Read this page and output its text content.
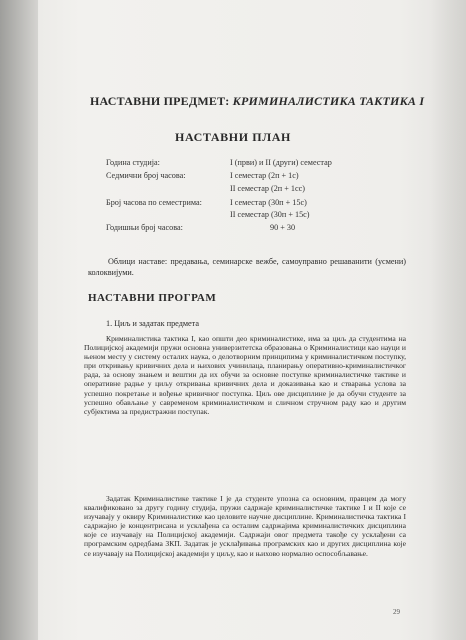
НАСТАВНИ ПРЕДМЕТ: КРИМИНАЛИСТИКА ТАКТИКА I
НАСТАВНИ ПЛАН
Година студија:	I (први) и II (други) семестар
Седмични број часова:	I семестар (2п + 1с)
II семестар (2п + 1сс)
Број часова по семестрима:	I семестар (30п + 15с)
II семестар (30п + 15с)
Годишњи број часова:	90 + 30
Облици наставе: предавања, семинарске вежбе, самоуправно решаванити (усмени) колоквијуми.
НАСТАВНИ ПРОГРАМ
1. Циљ и задатак предмета
Криминалистика тактика I, као општи део криминалистике, има за циљ да студентима на Полицијској академији пружи основна универзитетска образовања о Криминалистици као науци и њеном месту у систему осталих наука, о делотворним принципима у криминалистичком поступку, при откривању кривичних дела и њихових учинилаца, планирању оперативно-криминалистичког рада, за основу знањем и вештин да их обучи за основне поступке криминалистичке тактике и оперативне радње у циљу откривања кривичних дела и доказивања као и стварања услова за успешно покретање и вођење кривичног поступка. Циљ ове дисциплине је да обучи студенте за успешно обављање у савременом криминалистичком и сличном стручном раду као и другим субјектима за предистражни поступак.
Задатак Криминалистике тактике I је да студенте упозна са основним, правцем да могу квалификовано за другу годину студија, пружи садржаје криминалистичке тактике I и II које се изучавају у оквиру Криминалистике као целовите научне дисциплине. Криминалистичка тактика I садржајно је концентрисана и усклађена са осталим садржајима криминалистичких дисциплина које се изучавају на Полицијској академији. Садржаји овог предмета такође су усклађени са програмским одредбама ЗКП. Задатак је усклађивања програмских као и других дисциплина које се изучавају на Полицијској академији у циљу, као и њихово нормално оспособљавање.
29
